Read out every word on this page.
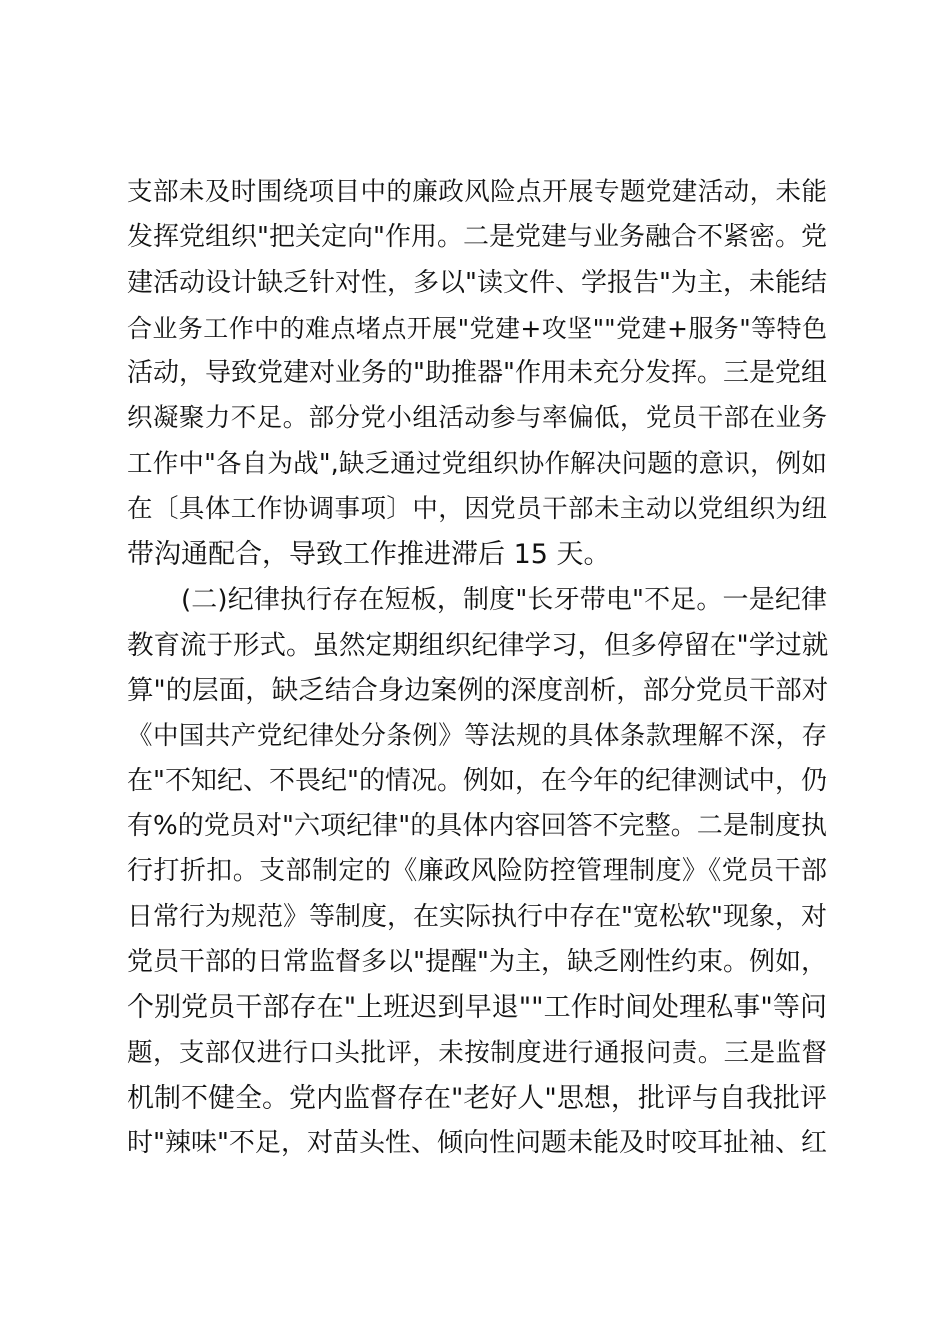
支部未及时围绕项目中的廉政风险点开展专题党建活动，未能
发挥党组织"把关定向"作用。二是党建与业务融合不紧密。党
建活动设计缺乏针对性，多以"读文件、学报告"为主，未能结
合业务工作中的难点堵点开展"党建+攻坚""党建+服务"等特色
活动，导致党建对业务的"助推器"作用未充分发挥。三是党组
织凝聚力不足。部分党小组活动参与率偏低，党员干部在业务
工作中"各自为战",缺乏通过党组织协作解决问题的意识，例如
在〔具体工作协调事项〕中，因党员干部未主动以党组织为纽
带沟通配合，导致工作推进滞后 15 天。
(二)纪律执行存在短板，制度"长牙带电"不足。一是纪律
教育流于形式。虽然定期组织纪律学习，但多停留在"学过就
算"的层面，缺乏结合身边案例的深度剖析，部分党员干部对
《中国共产党纪律处分条例》等法规的具体条款理解不深，存
在"不知纪、不畏纪"的情况。例如，在今年的纪律测试中，仍
有%的党员对"六项纪律"的具体内容回答不完整。二是制度执
行打折扣。支部制定的《廉政风险防控管理制度》《党员干部
日常行为规范》等制度，在实际执行中存在"宽松软"现象，对
党员干部的日常监督多以"提醒"为主，缺乏刚性约束。例如，
个别党员干部存在"上班迟到早退""工作时间处理私事"等问
题，支部仅进行口头批评，未按制度进行通报问责。三是监督
机制不健全。党内监督存在"老好人"思想，批评与自我批评
时"辣味"不足，对苗头性、倾向性问题未能及时咬耳扯袖、红
